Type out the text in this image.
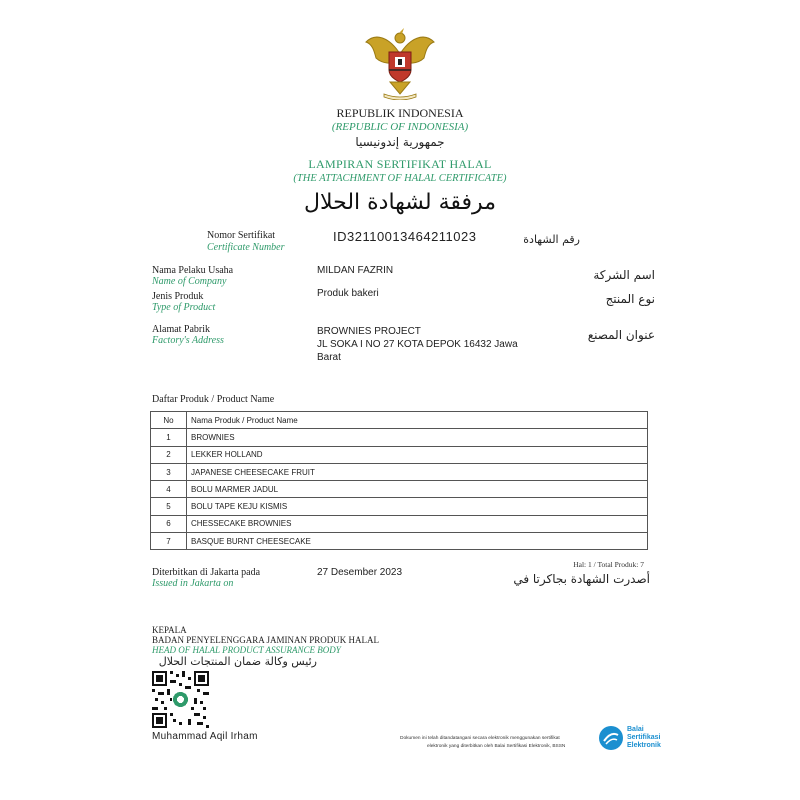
REPUBLIK INDONESIA
(REPUBLIC OF INDONESIA)
جمهورية إندونيسيا
LAMPIRAN SERTIFIKAT HALAL
(THE ATTACHMENT OF HALAL CERTIFICATE)
مرفقة لشهادة الحلال
Nomor Sertifikat
Certificate Number
ID32110013464211023	رقم الشهادة
Nama Pelaku Usaha
Name of Company
MILDAN FAZRIN	اسم الشركة
Jenis Produk
Type of Product
Produk bakeri	نوع المنتج
Alamat Pabrik
Factory's Address
BROWNIES PROJECT
JL SOKA I NO 27 KOTA DEPOK 16432 Jawa
Barat
عنوان المصنع
Daftar Produk / Product Name
No	Nama Produk / Product Name
1	BROWNIES
2	LEKKER HOLLAND
3	JAPANESE CHEESECAKE FRUIT
4	BOLU MARMER JADUL
5	BOLU TAPE KEJU KISMIS
6	CHESSECAKE BROWNIES
7	BASQUE BURNT CHEESECAKE
Hal: 1 / Total Produk: 7
Diterbitkan di Jakarta pada
Issued in Jakarta on
27 Desember 2023	أصدرت الشهادة بجاكرتا في
KEPALA
BADAN PENYELENGGARA JAMINAN PRODUK HALAL
HEAD OF HALAL PRODUCT ASSURANCE BODY
رئيس وكالة ضمان المنتجات الحلال
Muhammad Aqil Irham	Dokumen ini telah ditandatangani secara elektronik menggunakan sertifikat
elektronik yang diterbitkan oleh Balai Sertifikasi Elektronik, BSSN
Balai
Sertifikasi
Elektronik
